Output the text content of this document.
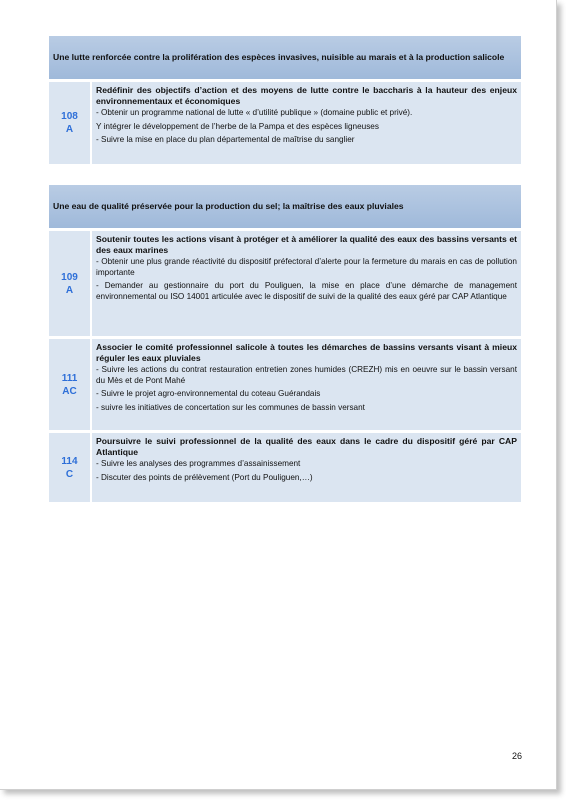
Une lutte renforcée contre la prolifération des espèces invasives, nuisible au marais et à la production salicole
108
A
Redéfinir des objectifs d’action et des moyens de lutte contre le baccharis à la hauteur des enjeux environnementaux et économiques
- Obtenir un programme national de lutte « d’utilité publique » (domaine public et privé).
Y intégrer le développement de l’herbe de la Pampa et des espèces ligneuses
- Suivre la mise en place du plan départemental de maîtrise du sanglier
Une eau de qualité préservée pour la production du sel; la maîtrise des eaux pluviales
109
A
Soutenir toutes les actions visant à protéger et à améliorer la qualité des eaux des bassins versants et des eaux marines
- Obtenir une plus grande réactivité du dispositif préfectoral d’alerte pour la fermeture du marais en cas de pollution importante
- Demander au gestionnaire du port du Pouliguen, la mise en place d’une démarche de management environnemental ou ISO 14001 articulée avec le dispositif de suivi de la qualité des eaux géré par CAP Atlantique
111
AC
Associer le comité professionnel salicole à toutes les démarches de bassins versants visant à mieux réguler les eaux pluviales
- Suivre les actions du contrat restauration entretien zones humides (CREZH) mis en oeuvre sur le bassin versant du Mès et de Pont Mahé
- Suivre le projet agro-environnemental du coteau Guérandais
- suivre les initiatives de concertation sur les communes de bassin versant
114
C
Poursuivre le suivi professionnel de la qualité des eaux dans le cadre du dispositif géré par CAP Atlantique
- Suivre les analyses des programmes d’assainissement
- Discuter des points de prélèvement (Port du Pouliguen,…)
26
